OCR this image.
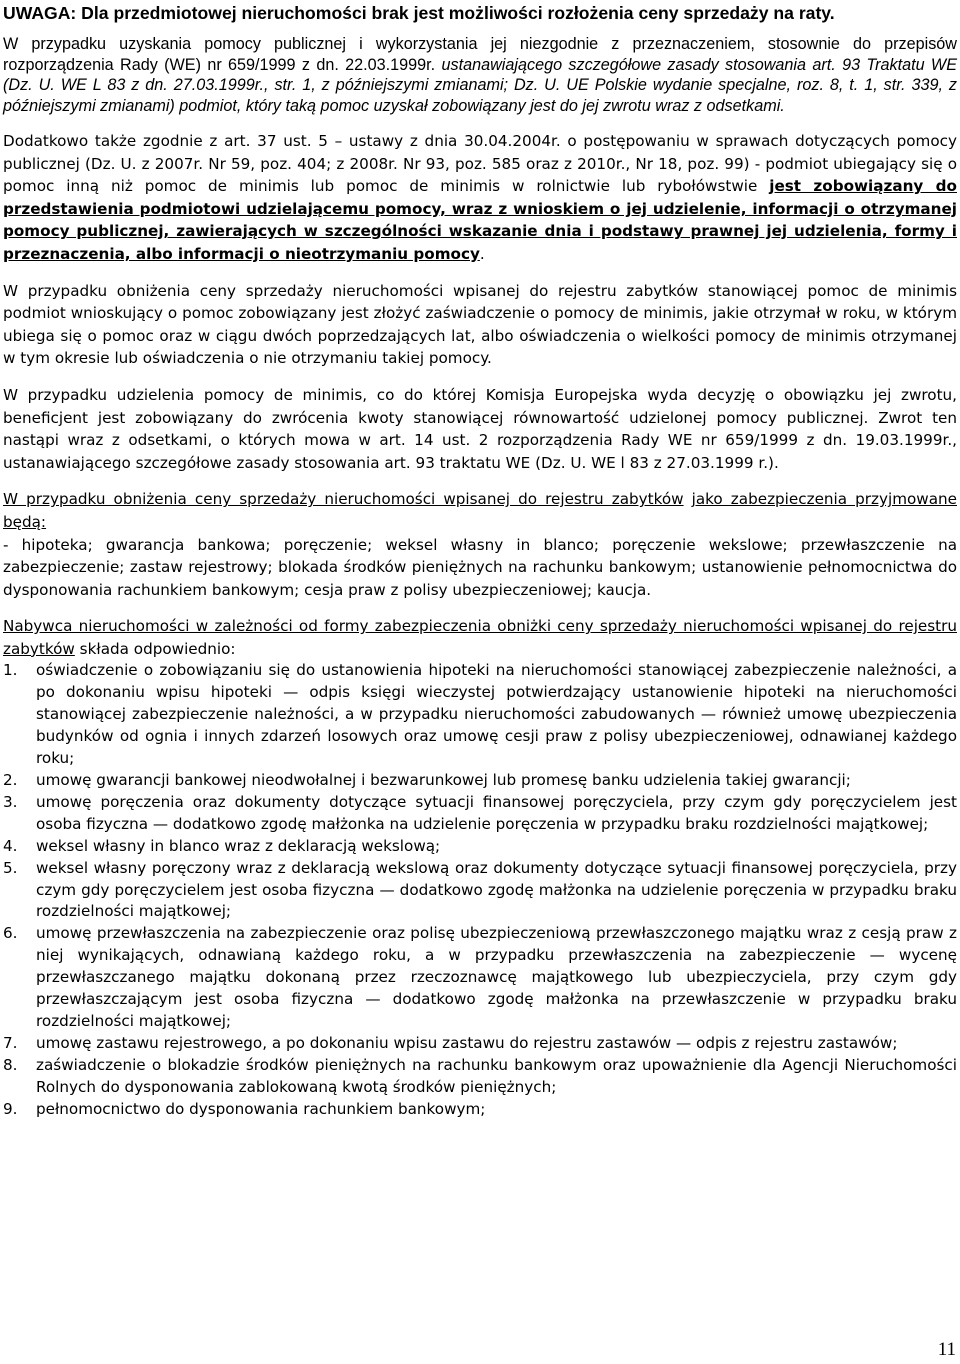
UWAGA: Dla przedmiotowej nieruchomości brak jest możliwości rozłożenia ceny sprzedaży na raty.

W przypadku uzyskania pomocy publicznej i wykorzystania jej niezgodnie z przeznaczeniem, stosownie do przepisów rozporządzenia Rady (WE) nr 659/1999 z dn. 22.03.1999r. ustanawiającego szczegółowe zasady stosowania art. 93 Traktatu WE (Dz. U. WE L 83 z dn. 27.03.1999r., str. 1, z późniejszymi zmianami; Dz. U. UE Polskie wydanie specjalne, roz. 8, t. 1, str. 339, z późniejszymi zmianami) podmiot, który taką pomoc uzyskał zobowiązany jest do jej zwrotu wraz z odsetkami.

Dodatkowo także zgodnie z art. 37 ust. 5 – ustawy z dnia 30.04.2004r. o postępowaniu w sprawach dotyczących pomocy publicznej (Dz. U. z 2007r. Nr 59, poz. 404; z 2008r. Nr 93, poz. 585 oraz z 2010r., Nr 18, poz. 99) - podmiot ubiegający się o pomoc inną niż pomoc de minimis lub pomoc de minimis w rolnictwie lub rybołówstwie jest zobowiązany do przedstawienia podmiotowi udzielającemu pomocy, wraz z wnioskiem o jej udzielenie, informacji o otrzymanej pomocy publicznej, zawierających w szczególności wskazanie dnia i podstawy prawnej jej udzielenia, formy i przeznaczenia, albo informacji o nieotrzymaniu pomocy.

W przypadku obniżenia ceny sprzedaży nieruchomości wpisanej do rejestru zabytków stanowiącej pomoc de minimis podmiot wnioskujący o pomoc zobowiązany jest złożyć zaświadczenie o pomocy de minimis, jakie otrzymał w roku, w którym ubiega się o pomoc oraz w ciągu dwóch poprzedzających lat, albo oświadczenia o wielkości pomocy de minimis otrzymanej w tym okresie lub oświadczenia o nie otrzymaniu takiej pomocy.

W przypadku udzielenia pomocy de minimis, co do której Komisja Europejska wyda decyzję o obowiązku jej zwrotu, beneficjent jest zobowiązany do zwrócenia kwoty stanowiącej równowartość udzielonej pomocy publicznej. Zwrot ten nastąpi wraz z odsetkami, o których mowa w art. 14 ust. 2 rozporządzenia Rady WE nr 659/1999 z dn. 19.03.1999r., ustanawiającego szczegółowe zasady stosowania art. 93 traktatu WE (Dz. U. WE l 83 z 27.03.1999 r.).

W przypadku obniżenia ceny sprzedaży nieruchomości wpisanej do rejestru zabytków jako zabezpieczenia przyjmowane będą:
- hipoteka; gwarancja bankowa; poręczenie; weksel własny in blanco; poręczenie wekslowe; przewłaszczenie na zabezpieczenie; zastaw rejestrowy; blokada środków pieniężnych na rachunku bankowym; ustanowienie pełnomocnictwa do dysponowania rachunkiem bankowym; cesja praw z polisy ubezpieczeniowej; kaucja.

Nabywca nieruchomości w zależności od formy zabezpieczenia obniżki ceny sprzedaży nieruchomości wpisanej do rejestru zabytków składa odpowiednio:

1. oświadczenie o zobowiązaniu się do ustanowienia hipoteki na nieruchomości stanowiącej zabezpieczenie należności, a po dokonaniu wpisu hipoteki — odpis księgi wieczystej potwierdzający ustanowienie hipoteki na nieruchomości stanowiącej zabezpieczenie należności, a w przypadku nieruchomości zabudowanych — również umowę ubezpieczenia budynków od ognia i innych zdarzeń losowych oraz umowę cesji praw z polisy ubezpieczeniowej, odnawianej każdego roku;
2. umowę gwarancji bankowej nieodwołalnej i bezwarunkowej lub promesę banku udzielenia takiej gwarancji;
3. umowę poręczenia oraz dokumenty dotyczące sytuacji finansowej poręczyciela, przy czym gdy poręczycielem jest osoba fizyczna — dodatkowo zgodę małżonka na udzielenie poręczenia w przypadku braku rozdzielności majątkowej;
4. weksel własny in blanco wraz z deklaracją wekslową;
5. weksel własny poręczony wraz z deklaracją wekslową oraz dokumenty dotyczące sytuacji finansowej poręczyciela, przy czym gdy poręczycielem jest osoba fizyczna — dodatkowo zgodę małżonka na udzielenie poręczenia w przypadku braku rozdzielności majątkowej;
6. umowę przewłaszczenia na zabezpieczenie oraz polisę ubezpieczeniową przewłaszczonego majątku wraz z cesją praw z niej wynikających, odnawianą każdego roku, a w przypadku przewłaszczenia na zabezpieczenie — wycenę przewłaszczanego majątku dokonaną przez rzeczoznawcę majątkowego lub ubezpieczyciela, przy czym gdy przewłaszczającym jest osoba fizyczna — dodatkowo zgodę małżonka na przewłaszczenie w przypadku braku rozdzielności majątkowej;
7. umowę zastawu rejestrowego, a po dokonaniu wpisu zastawu do rejestru zastawów — odpis z rejestru zastawów;
8. zaświadczenie o blokadzie środków pieniężnych na rachunku bankowym oraz upoważnienie dla Agencji Nieruchomości Rolnych do dysponowania zablokowaną kwotą środków pieniężnych;
9. pełnomocnictwo do dysponowania rachunkiem bankowym;
11
